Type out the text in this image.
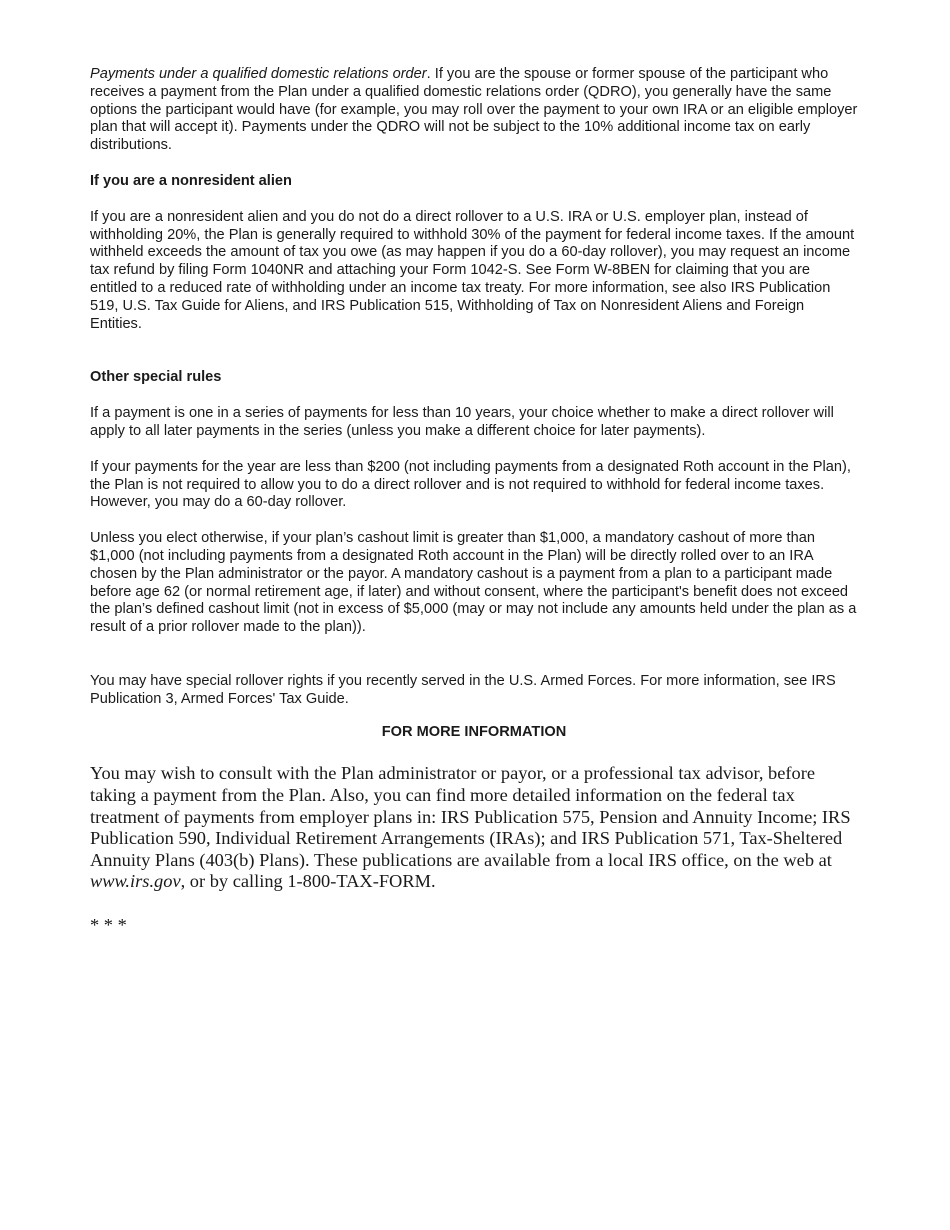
Payments under a qualified domestic relations order. If you are the spouse or former spouse of the participant who receives a payment from the Plan under a qualified domestic relations order (QDRO), you generally have the same options the participant would have (for example, you may roll over the payment to your own IRA or an eligible employer plan that will accept it). Payments under the QDRO will not be subject to the 10% additional income tax on early distributions.

If you are a nonresident alien

If you are a nonresident alien and you do not do a direct rollover to a U.S. IRA or U.S. employer plan, instead of withholding 20%, the Plan is generally required to withhold 30% of the payment for federal income taxes. If the amount withheld exceeds the amount of tax you owe (as may happen if you do a 60-day rollover), you may request an income tax refund by filing Form 1040NR and attaching your Form 1042-S. See Form W-8BEN for claiming that you are entitled to a reduced rate of withholding under an income tax treaty. For more information, see also IRS Publication 519, U.S. Tax Guide for Aliens, and IRS Publication 515, Withholding of Tax on Nonresident Aliens and Foreign Entities.

Other special rules

If a payment is one in a series of payments for less than 10 years, your choice whether to make a direct rollover will apply to all later payments in the series (unless you make a different choice for later payments).

If your payments for the year are less than $200 (not including payments from a designated Roth account in the Plan), the Plan is not required to allow you to do a direct rollover and is not required to withhold for federal income taxes. However, you may do a 60-day rollover.

Unless you elect otherwise, if your plan’s cashout limit is greater than $1,000, a mandatory cashout of more than $1,000 (not including payments from a designated Roth account in the Plan) will be directly rolled over to an IRA chosen by the Plan administrator or the payor. A mandatory cashout is a payment from a plan to a participant made before age 62 (or normal retirement age, if later) and without consent, where the participant's benefit does not exceed the plan’s defined cashout limit (not in excess of $5,000 (may or may not include any amounts held under the plan as a result of a prior rollover made to the plan)).

You may have special rollover rights if you recently served in the U.S. Armed Forces. For more information, see IRS Publication 3, Armed Forces' Tax Guide.

FOR MORE INFORMATION

You may wish to consult with the Plan administrator or payor, or a professional tax advisor, before taking a payment from the Plan. Also, you can find more detailed information on the federal tax treatment of payments from employer plans in: IRS Publication 575, Pension and Annuity Income; IRS Publication 590, Individual Retirement Arrangements (IRAs); and IRS Publication 571, Tax-Sheltered Annuity Plans (403(b) Plans). These publications are available from a local IRS office, on the web at www.irs.gov, or by calling 1-800-TAX-FORM.

* * *
